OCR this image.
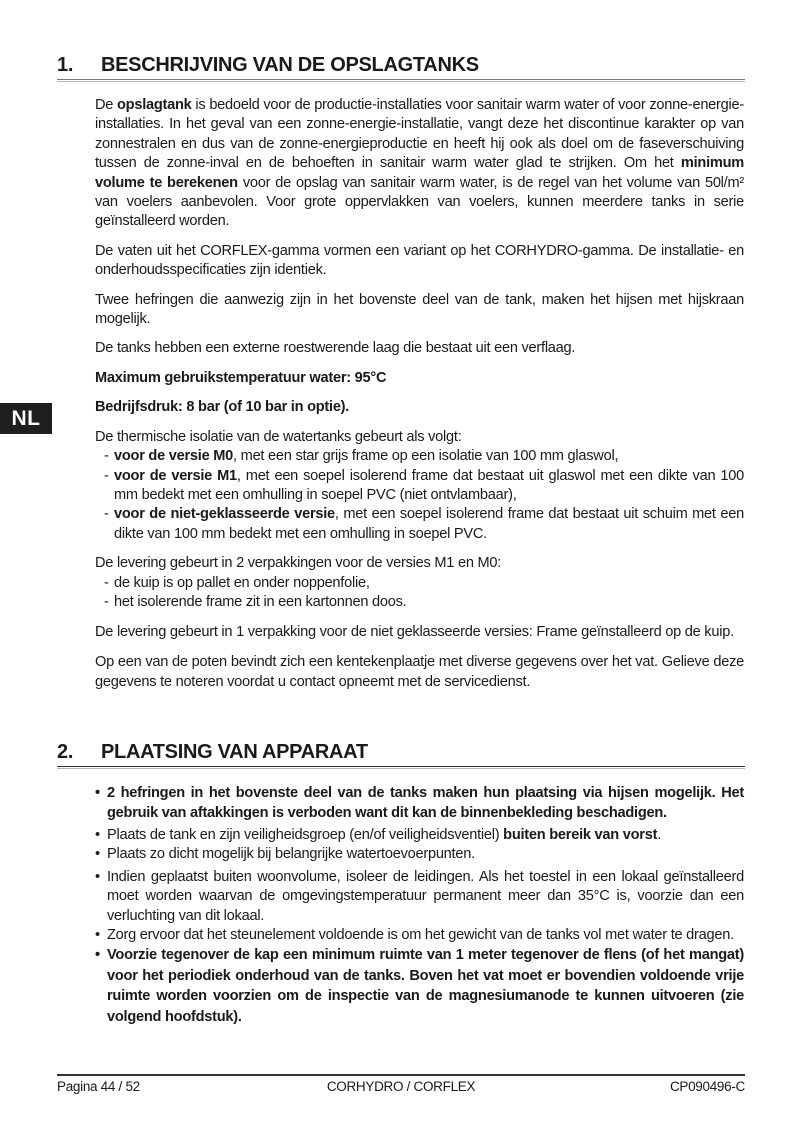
1. BESCHRIJVING VAN DE OPSLAGTANKS

De opslagtank is bedoeld voor de productie-installaties voor sanitair warm water of voor zonne-energie-installaties. In het geval van een zonne-energie-installatie, vangt deze het discontinue karakter op van zonnestralen en dus van de zonne-energieproductie en heeft hij ook als doel om de faseverschuiving tussen de zonne-inval en de behoeften in sanitair warm water glad te strijken. Om het minimum volume te berekenen voor de opslag van sanitair warm water, is de regel van het volume van 50l/m² van voelers aanbevolen. Voor grote oppervlakken van voelers, kunnen meerdere tanks in serie geïnstalleerd worden.

De vaten uit het CORFLEX-gamma vormen een variant op het CORHYDRO-gamma. De installatie- en onderhoudsspecificaties zijn identiek.

Twee hefringen die aanwezig zijn in het bovenste deel van de tank, maken het hijsen met hijskraan mogelijk.

De tanks hebben een externe roestwerende laag die bestaat uit een verflaag.

Maximum gebruikstemperatuur water: 95°C

Bedrijfsdruk: 8 bar (of 10 bar in optie).

De thermische isolatie van de watertanks gebeurt als volgt:

- voor de versie M0, met een star grijs frame op een isolatie van 100 mm glaswol,
- voor de versie M1, met een soepel isolerend frame dat bestaat uit glaswol met een dikte van 100 mm bedekt met een omhulling in soepel PVC (niet ontvlambaar),
- voor de niet-geklasseerde versie, met een soepel isolerend frame dat bestaat uit schuim met een dikte van 100 mm bedekt met een omhulling in soepel PVC.

De levering gebeurt in 2 verpakkingen voor de versies M1 en M0:

- de kuip is op pallet en onder noppenfolie,
- het isolerende frame zit in een kartonnen doos.

De levering gebeurt in 1 verpakking voor de niet geklasseerde versies: Frame geïnstalleerd op de kuip.

Op een van de poten bevindt zich een kentekenplaatje met diverse gegevens over het vat. Gelieve deze gegevens te noteren voordat u contact opneemt met de servicedienst.

NL
2. PLAATSING VAN APPARAAT
• 2 hefringen in het bovenste deel van de tanks maken hun plaatsing via hijsen mogelijk. Het gebruik van aftakkingen is verboden want dit kan de binnenbekleding beschadigen.
• Plaats de tank en zijn veiligheidsgroep (en/of veiligheidsventiel) buiten bereik van vorst.
• Plaats zo dicht mogelijk bij belangrijke watertoevoerpunten.
• Indien geplaatst buiten woonvolume, isoleer de leidingen. Als het toestel in een lokaal geïnstalleerd moet worden waarvan de omgevingstemperatuur permanent meer dan 35°C is, voorzie dan een verluchting van dit lokaal.
• Zorg ervoor dat het steunelement voldoende is om het gewicht van de tanks vol met water te dragen.
• Voorzie tegenover de kap een minimum ruimte van 1 meter tegenover de flens (of het mangat) voor het periodiek onderhoud van de tanks. Boven het vat moet er bovendien voldoende vrije ruimte worden voorzien om de inspectie van de magnesiumanode te kunnen uitvoeren (zie volgend hoofdstuk).
Pagina 44 / 52	CORHYDRO / CORFLEX	CP090496-C
